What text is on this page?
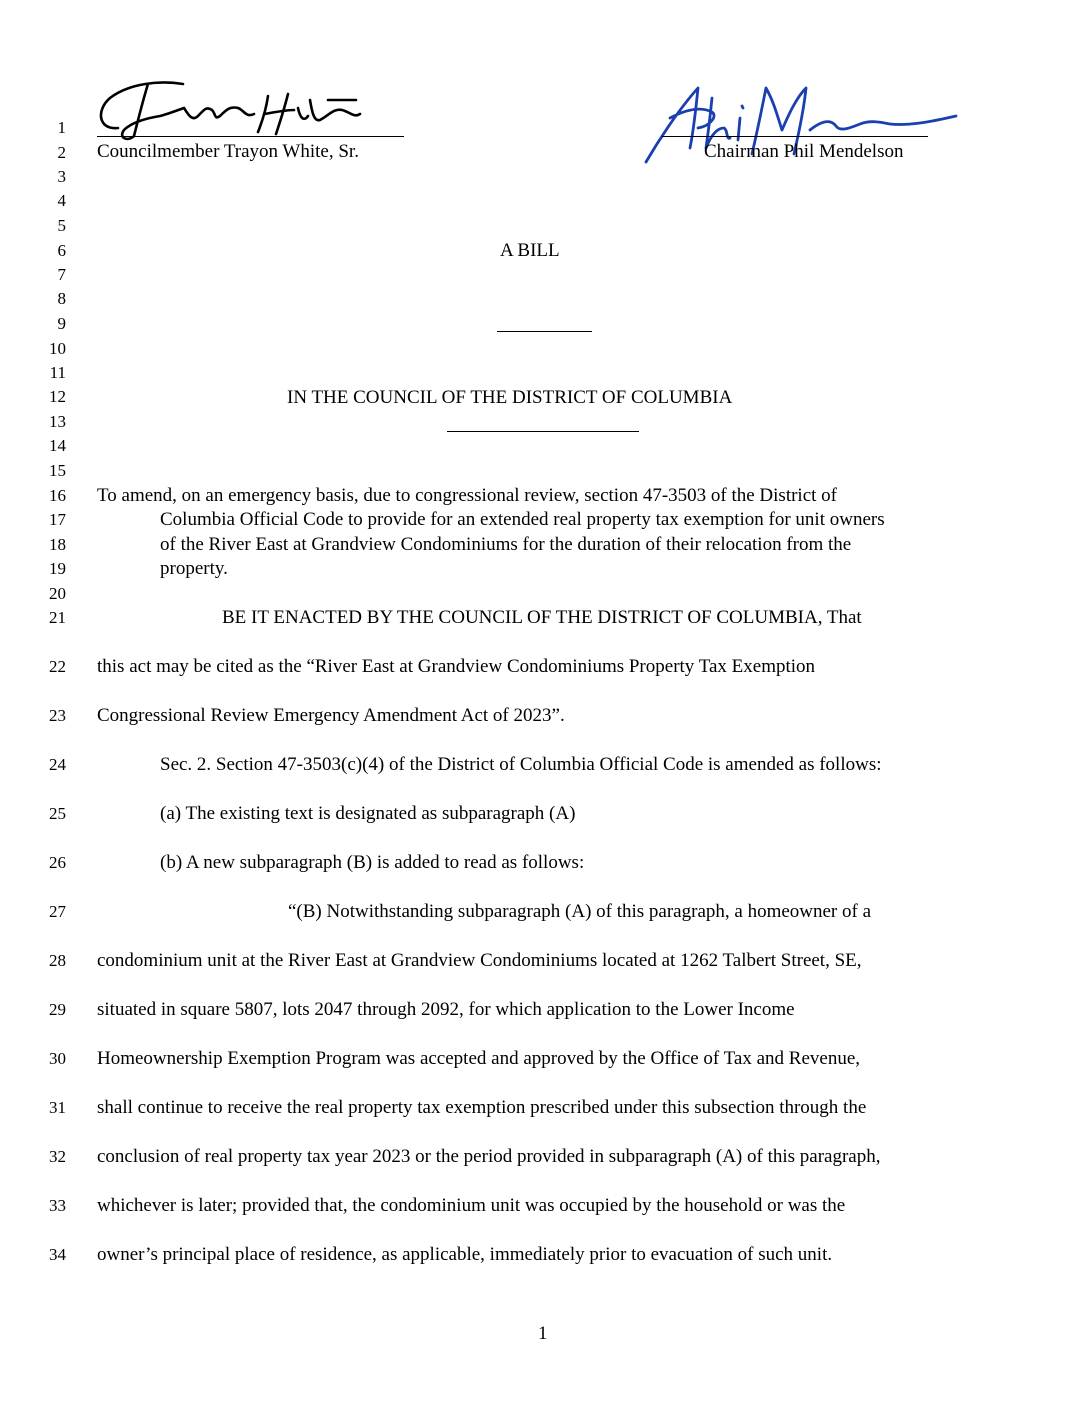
Councilmember Trayon White, Sr.	Chairman Phil Mendelson
1
2
3
4
5
6
7
8
9
10
11
12
13
14
15
16
17
18
19
20
21
22
23
24
25
26
27
28
29
30
31
32
33
34
A BILL
IN THE COUNCIL OF THE DISTRICT OF COLUMBIA
To amend, on an emergency basis, due to congressional review, section 47-3503 of the District of
Columbia Official Code to provide for an extended real property tax exemption for unit owners
of the River East at Grandview Condominiums for the duration of their relocation from the
property.
BE IT ENACTED BY THE COUNCIL OF THE DISTRICT OF COLUMBIA, That
this act may be cited as the “River East at Grandview Condominiums Property Tax Exemption
Congressional Review Emergency Amendment Act of 2023”.
Sec. 2. Section 47-3503(c)(4) of the District of Columbia Official Code is amended as follows:
(a) The existing text is designated as subparagraph (A)
(b) A new subparagraph (B) is added to read as follows:
“(B) Notwithstanding subparagraph (A) of this paragraph, a homeowner of a
condominium unit at the River East at Grandview Condominiums located at 1262 Talbert Street, SE,
situated in square 5807, lots 2047 through 2092, for which application to the Lower Income
Homeownership Exemption Program was accepted and approved by the Office of Tax and Revenue,
shall continue to receive the real property tax exemption prescribed under this subsection through the
conclusion of real property tax year 2023 or the period provided in subparagraph (A) of this paragraph,
whichever is later; provided that, the condominium unit was occupied by the household or was the
owner’s principal place of residence, as applicable, immediately prior to evacuation of such unit.
1
